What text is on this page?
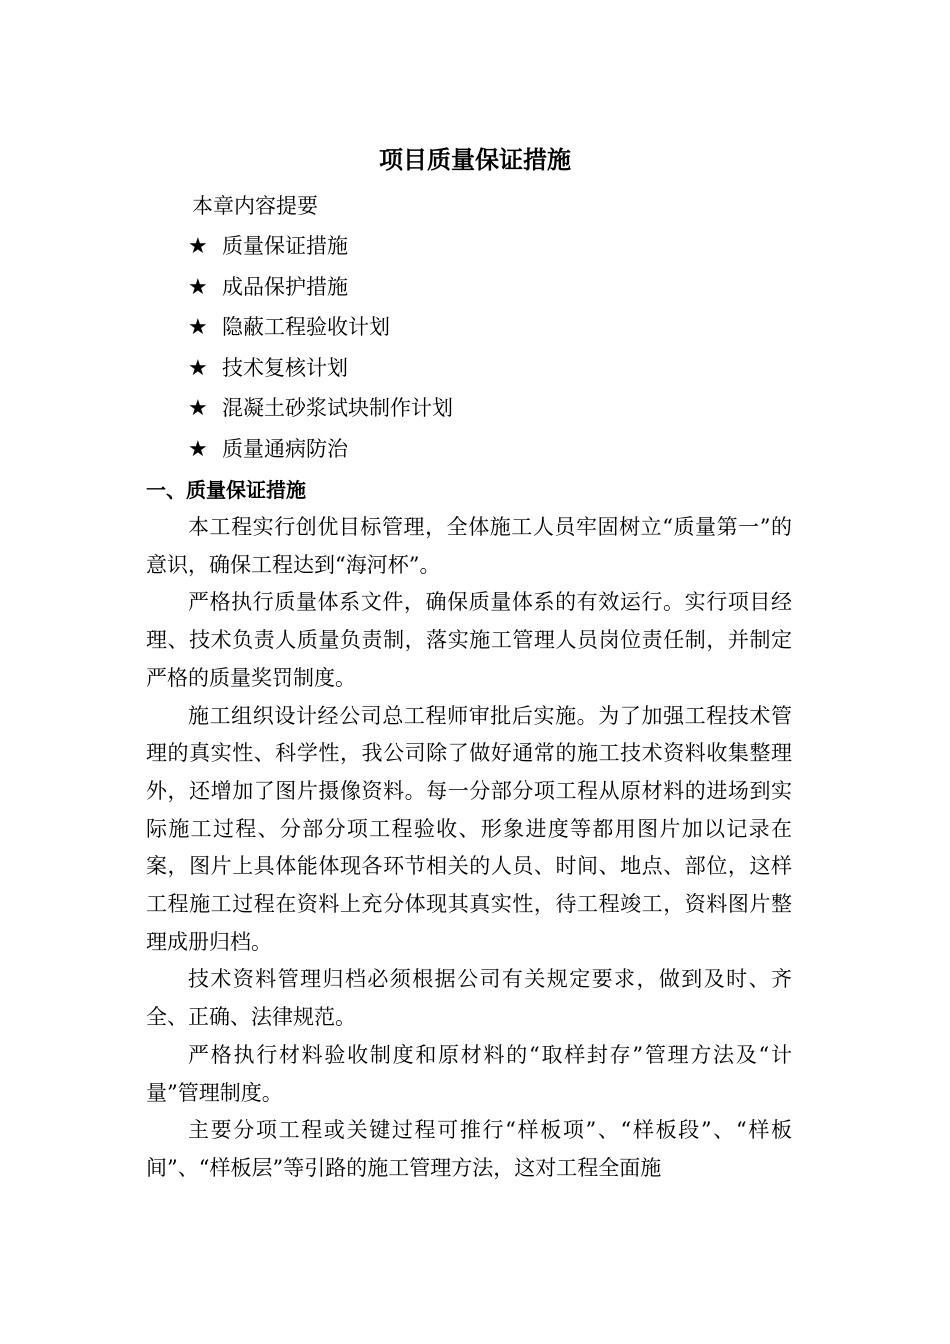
项目质量保证措施
本章内容提要
★ 质量保证措施
★ 成品保护措施
★ 隐蔽工程验收计划
★ 技术复核计划
★ 混凝土砂浆试块制作计划
★ 质量通病防治
一、质量保证措施

本工程实行创优目标管理，全体施工人员牢固树立“质量第一”的意识，确保工程达到“海河杯”。

严格执行质量体系文件，确保质量体系的有效运行。实行项目经理、技术负责人质量负责制，落实施工管理人员岗位责任制，并制定严格的质量奖罚制度。

施工组织设计经公司总工程师审批后实施。为了加强工程技术管理的真实性、科学性，我公司除了做好通常的施工技术资料收集整理外，还增加了图片摄像资料。每一分部分项工程从原材料的进场到实际施工过程、分部分项工程验收、形象进度等都用图片加以记录在案，图片上具体能体现各环节相关的人员、时间、地点、部位，这样工程施工过程在资料上充分体现其真实性，待工程竣工，资料图片整理成册归档。

技术资料管理归档必须根据公司有关规定要求，做到及时、齐全、正确、法律规范。

严格执行材料验收制度和原材料的“取样封存”管理方法及“计量”管理制度。

主要分项工程或关键过程可推行“样板项”、“样板段”、“样板间”、“样板层”等引路的施工管理方法，这对工程全面施
